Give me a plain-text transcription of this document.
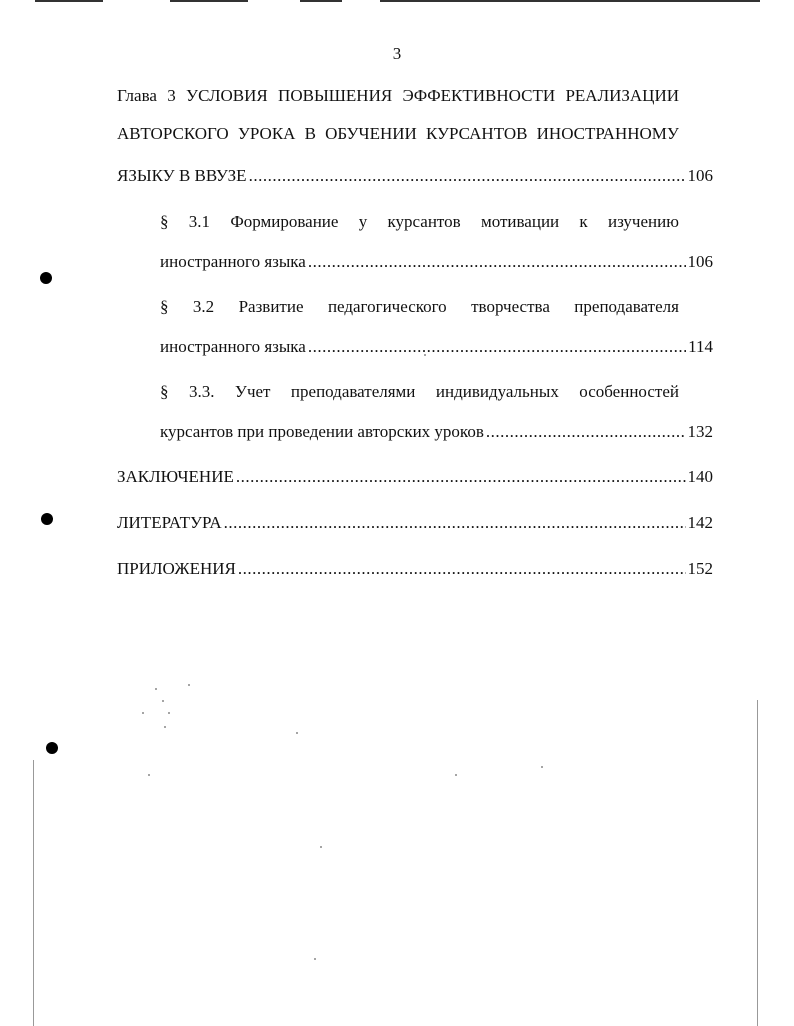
3
Глава 3 УСЛОВИЯ ПОВЫШЕНИЯ ЭФФЕКТИВНОСТИ РЕАЛИЗАЦИИ
АВТОРСКОГО УРОКА В ОБУЧЕНИИ КУРСАНТОВ ИНОСТРАННОМУ
ЯЗЫКУ В ВВУЗЕ .....	106
§ 3.1 Формирование у курсантов мотивации к изучению
иностранного языка .....	106
§ 3.2 Развитие педагогического творчества преподавателя
иностранного языка .....	114
§ 3.3. Учет преподавателями индивидуальных особенностей
курсантов при проведении авторских уроков .....	132
ЗАКЛЮЧЕНИЕ .....	140
ЛИТЕРАТУРА .....	142
ПРИЛОЖЕНИЯ .....	152
